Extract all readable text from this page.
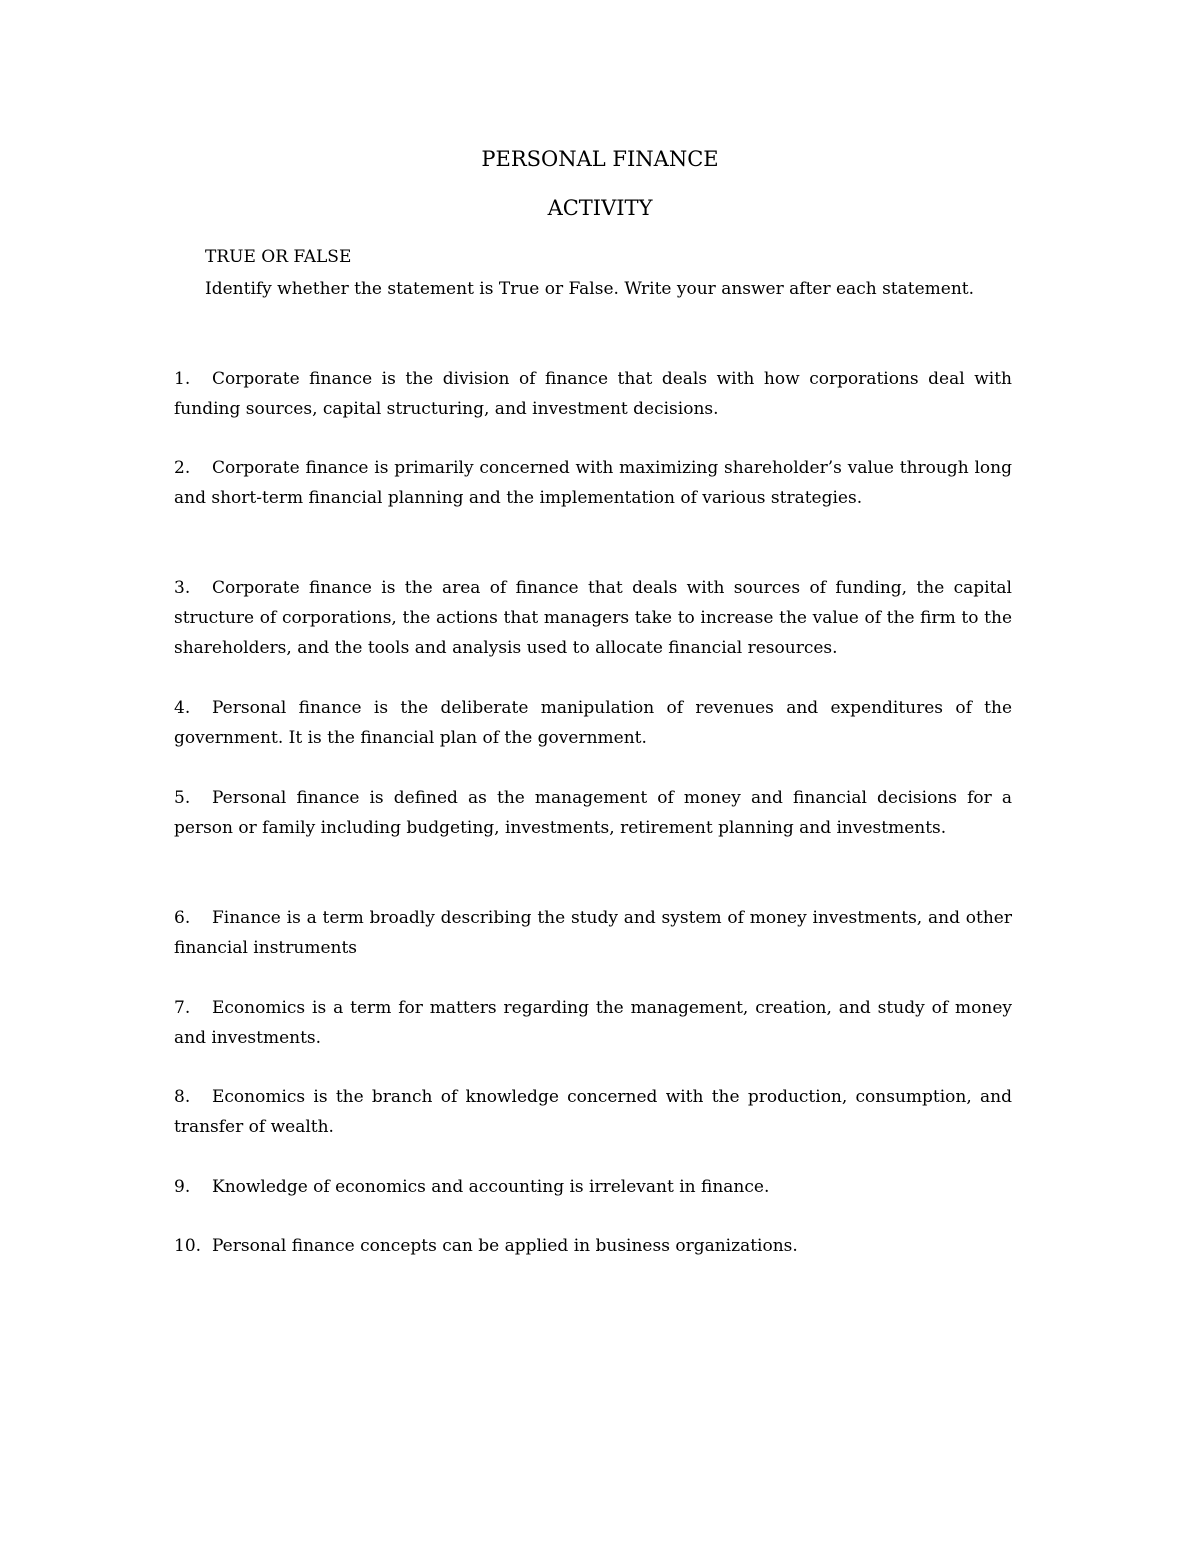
PERSONAL FINANCE
ACTIVITY

TRUE OR FALSE

Identify whether the statement is True or False. Write your answer after each statement.

1. Corporate finance is the division of finance that deals with how corporations deal with funding sources, capital structuring, and investment decisions.
2. Corporate finance is primarily concerned with maximizing shareholder’s value through long and short-term financial planning and the implementation of various strategies.
3. Corporate finance is the area of finance that deals with sources of funding, the capital structure of corporations, the actions that managers take to increase the value of the firm to the shareholders, and the tools and analysis used to allocate financial resources.
4. Personal finance is the deliberate manipulation of revenues and expenditures of the government. It is the financial plan of the government.
5. Personal finance is defined as the management of money and financial decisions for a person or family including budgeting, investments, retirement planning and investments.
6. Finance is a term broadly describing the study and system of money investments, and other financial instruments
7. Economics is a term for matters regarding the management, creation, and study of money and investments.
8. Economics is the branch of knowledge concerned with the production, consumption, and transfer of wealth.
9. Knowledge of economics and accounting is irrelevant in finance.
10. Personal finance concepts can be applied in business organizations.
